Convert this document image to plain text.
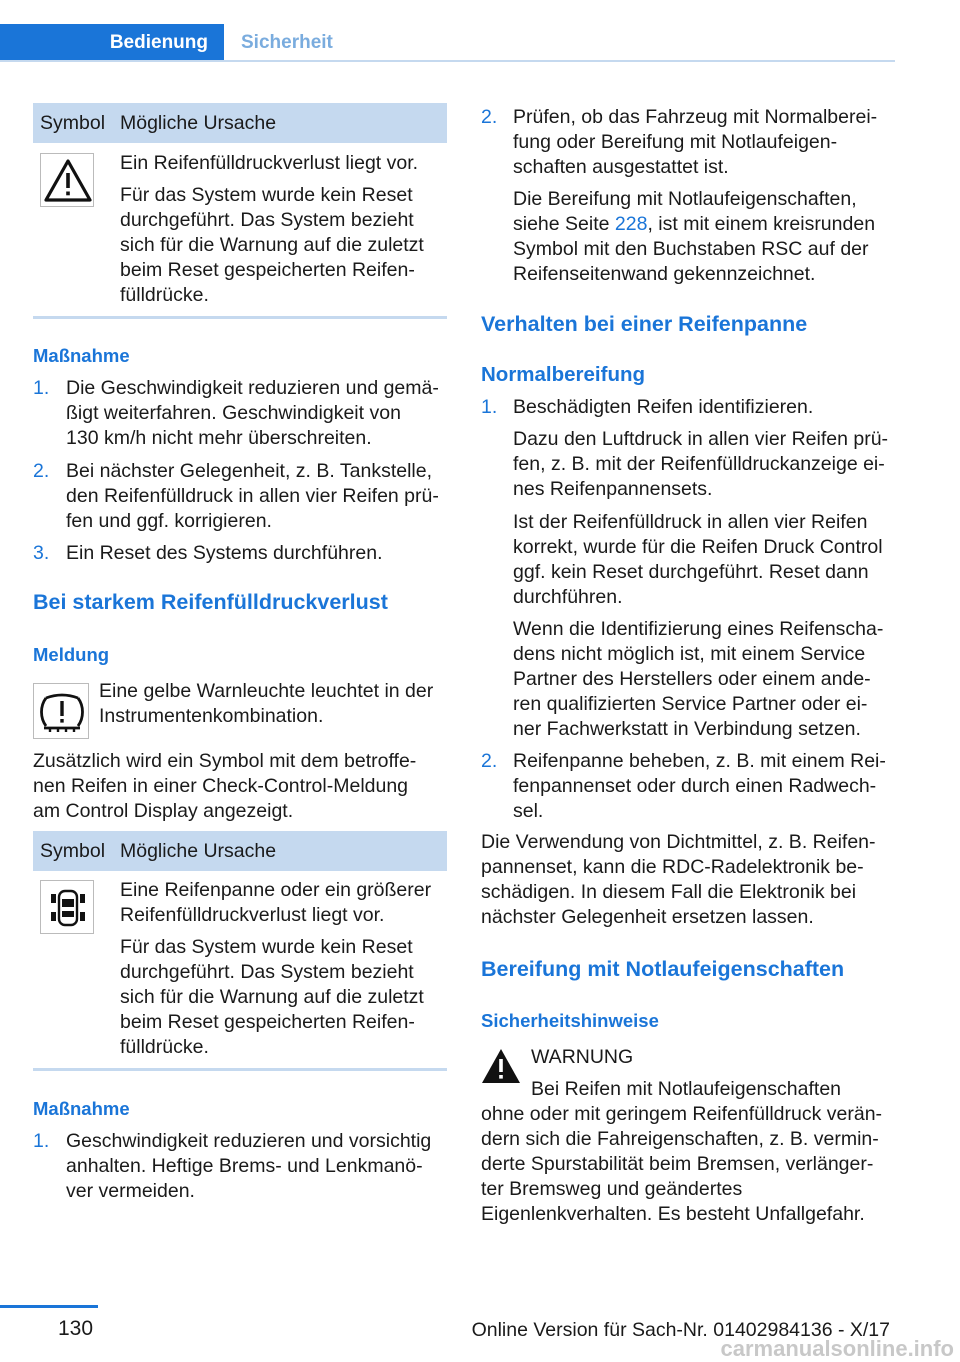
Bedienung	Sicherheit
Symbol Mögliche Ursache
Ein Reifenfülldruckverlust liegt vor.
Für das System wurde kein Reset
durchgeführt. Das System bezieht
sich für die Warnung auf die zuletzt
beim Reset gespeicherten Reifen-
fülldrücke.
Maßnahme
1. Die Geschwindigkeit reduzieren und gemä-
ßigt weiterfahren. Geschwindigkeit von
130 km/h nicht mehr überschreiten.
2. Bei nächster Gelegenheit, z. B. Tankstelle,
den Reifenfülldruck in allen vier Reifen prü-
fen und ggf. korrigieren.
3. Ein Reset des Systems durchführen.
Bei starkem Reifenfülldruckverlust
Meldung
Eine gelbe Warnleuchte leuchtet in der
Instrumentenkombination.
Zusätzlich wird ein Symbol mit dem betroffe-
nen Reifen in einer Check-Control-Meldung
am Control Display angezeigt.
Symbol Mögliche Ursache
Eine Reifenpanne oder ein größerer
Reifenfülldruckverlust liegt vor.
Für das System wurde kein Reset
durchgeführt. Das System bezieht
sich für die Warnung auf die zuletzt
beim Reset gespeicherten Reifen-
fülldrücke.
Maßnahme
1. Geschwindigkeit reduzieren und vorsichtig
anhalten. Heftige Brems- und Lenkmanö-
ver vermeiden.
2. Prüfen, ob das Fahrzeug mit Normalberei-
fung oder Bereifung mit Notlaufeigen-
schaften ausgestattet ist.
Die Bereifung mit Notlaufeigenschaften,
siehe Seite 228, ist mit einem kreisrunden
Symbol mit den Buchstaben RSC auf der
Reifenseitenwand gekennzeichnet.
Verhalten bei einer Reifenpanne
Normalbereifung
1. Beschädigten Reifen identifizieren.
Dazu den Luftdruck in allen vier Reifen prü-
fen, z. B. mit der Reifenfülldruckanzeige ei-
nes Reifenpannensets.
Ist der Reifenfülldruck in allen vier Reifen
korrekt, wurde für die Reifen Druck Control
ggf. kein Reset durchgeführt. Reset dann
durchführen.
Wenn die Identifizierung eines Reifenscha-
dens nicht möglich ist, mit einem Service
Partner des Herstellers oder einem ande-
ren qualifizierten Service Partner oder ei-
ner Fachwerkstatt in Verbindung setzen.
2. Reifenpanne beheben, z. B. mit einem Rei-
fenpannenset oder durch einen Radwech-
sel.
Die Verwendung von Dichtmittel, z. B. Reifen-
pannenset, kann die RDC-Radelektronik be-
schädigen. In diesem Fall die Elektronik bei
nächster Gelegenheit ersetzen lassen.
Bereifung mit Notlaufeigenschaften
Sicherheitshinweise
WARNUNG
Bei Reifen mit Notlaufeigenschaften
ohne oder mit geringem Reifenfülldruck verän-
dern sich die Fahreigenschaften, z. B. vermin-
derte Spurstabilität beim Bremsen, verlänger-
ter Bremsweg und geändertes
Eigenlenkverhalten. Es besteht Unfallgefahr.
130	Online Version für Sach-Nr. 01402984136 - X/17
carmanualsonline.info
